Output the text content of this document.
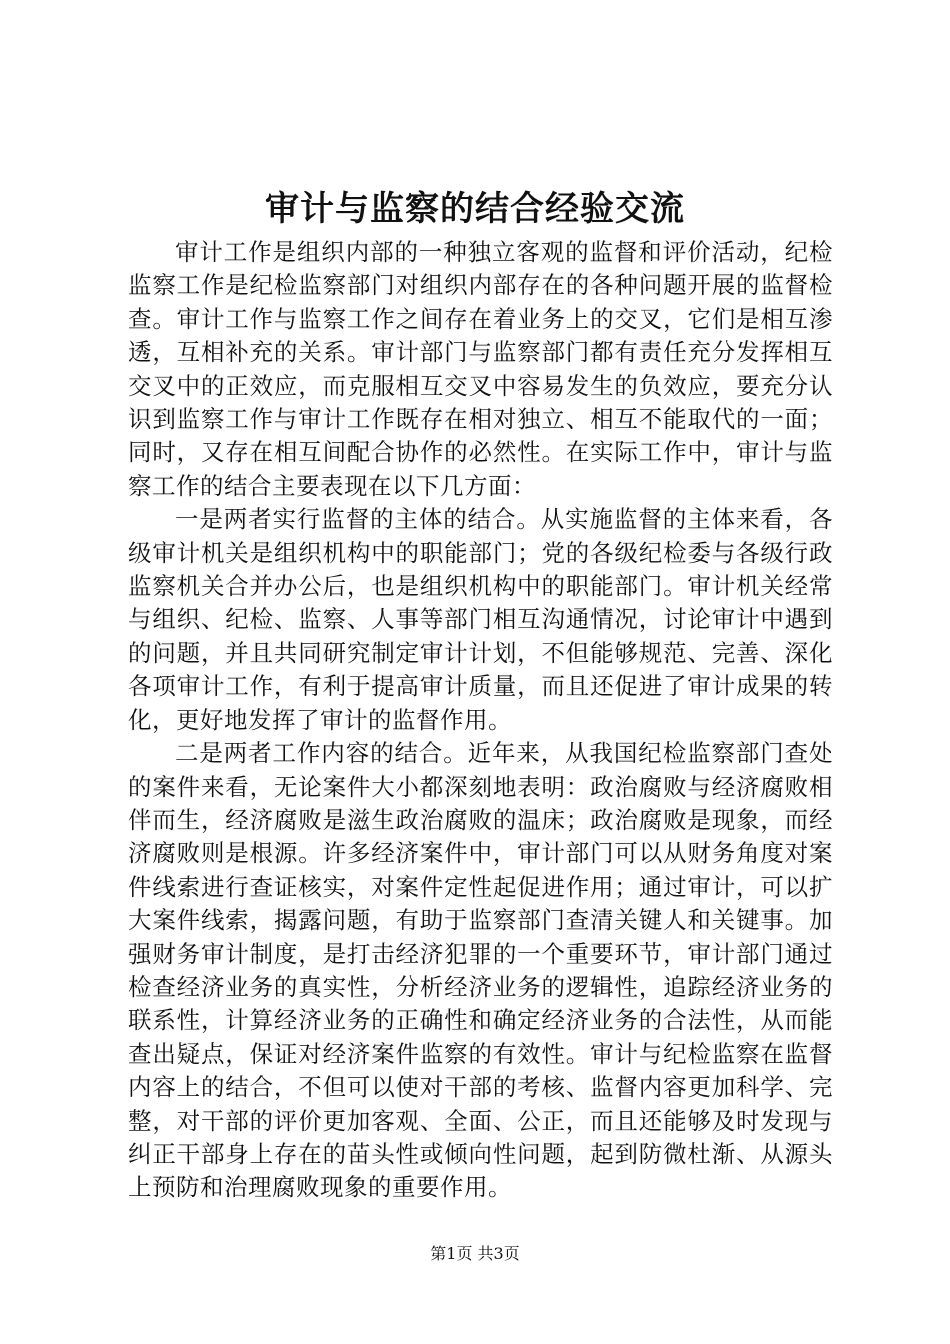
审计与监察的结合经验交流

审计工作是组织内部的一种独立客观的监督和评价活动，纪检监察工作是纪检监察部门对组织内部存在的各种问题开展的监督检查。审计工作与监察工作之间存在着业务上的交叉，它们是相互渗透，互相补充的关系。审计部门与监察部门都有责任充分发挥相互交叉中的正效应，而克服相互交叉中容易发生的负效应，要充分认识到监察工作与审计工作既存在相对独立、相互不能取代的一面；同时，又存在相互间配合协作的必然性。在实际工作中，审计与监察工作的结合主要表现在以下几方面：

一是两者实行监督的主体的结合。从实施监督的主体来看，各级审计机关是组织机构中的职能部门；党的各级纪检委与各级行政监察机关合并办公后，也是组织机构中的职能部门。审计机关经常与组织、纪检、监察、人事等部门相互沟通情况，讨论审计中遇到的问题，并且共同研究制定审计计划，不但能够规范、完善、深化各项审计工作，有利于提高审计质量，而且还促进了审计成果的转化，更好地发挥了审计的监督作用。

二是两者工作内容的结合。近年来，从我国纪检监察部门查处的案件来看，无论案件大小都深刻地表明：政治腐败与经济腐败相伴而生，经济腐败是滋生政治腐败的温床；政治腐败是现象，而经济腐败则是根源。许多经济案件中，审计部门可以从财务角度对案件线索进行查证核实，对案件定性起促进作用；通过审计，可以扩大案件线索，揭露问题，有助于监察部门查清关键人和关键事。加强财务审计制度，是打击经济犯罪的一个重要环节，审计部门通过检查经济业务的真实性，分析经济业务的逻辑性，追踪经济业务的联系性，计算经济业务的正确性和确定经济业务的合法性，从而能查出疑点，保证对经济案件监察的有效性。审计与纪检监察在监督内容上的结合，不但可以使对干部的考核、监督内容更加科学、完整，对干部的评价更加客观、全面、公正，而且还能够及时发现与纠正干部身上存在的苗头性或倾向性问题，起到防微杜渐、从源头上预防和治理腐败现象的重要作用。

第1页 共3页
